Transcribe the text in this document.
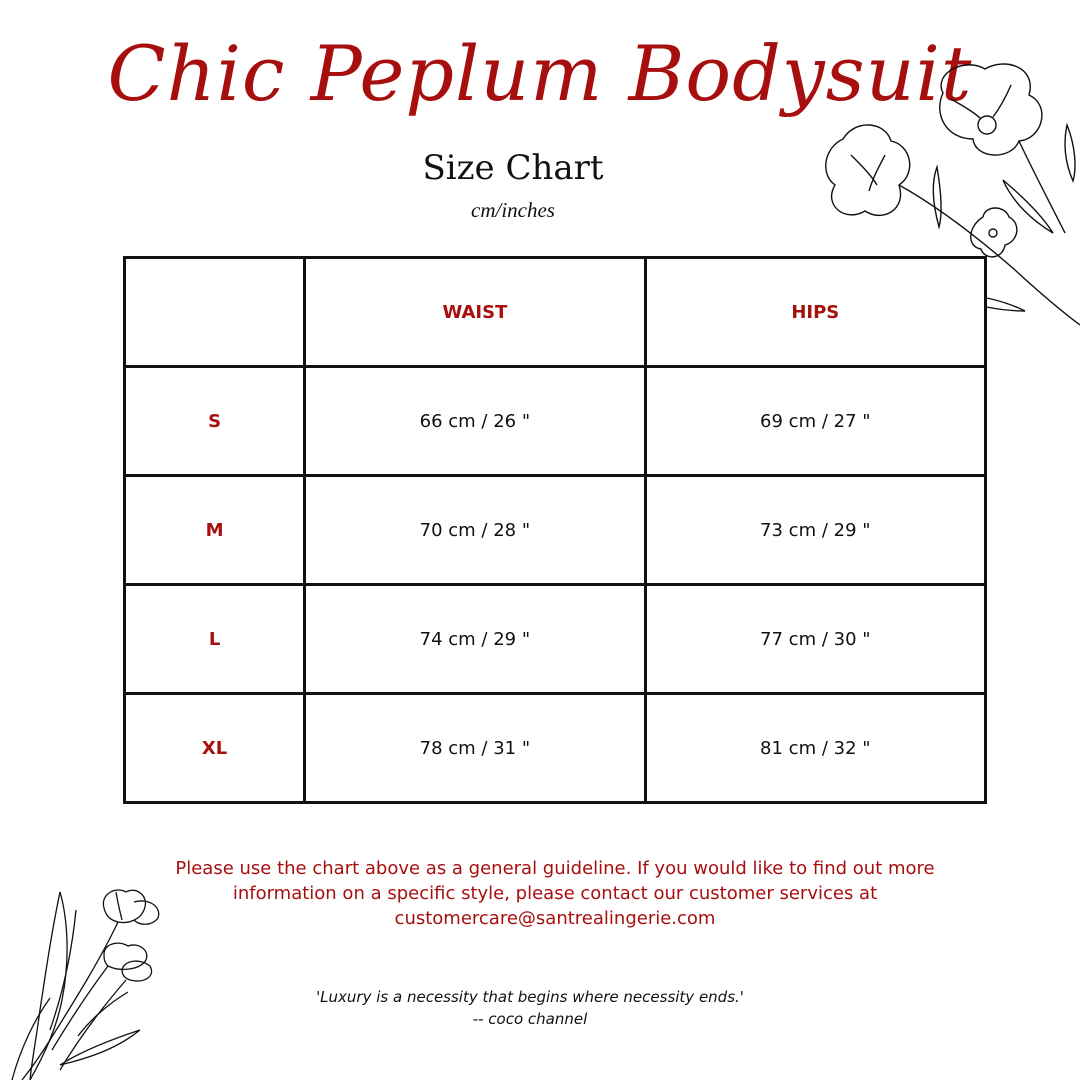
Chic Peplum Bodysuit
Size Chart
cm/inches
	WAIST	HIPS
S	66 cm / 26 "	69 cm / 27 "
M	70 cm / 28 "	73 cm / 29 "
L	74 cm / 29 "	77 cm / 30 "
XL	78 cm / 31 "	81 cm / 32 "
Please use the chart above as a general guideline. If you would like to find out more information on a specific style, please contact our customer services at customercare@santrealingerie.com
'Luxury is a necessity that begins where necessity ends.'
-- coco channel
